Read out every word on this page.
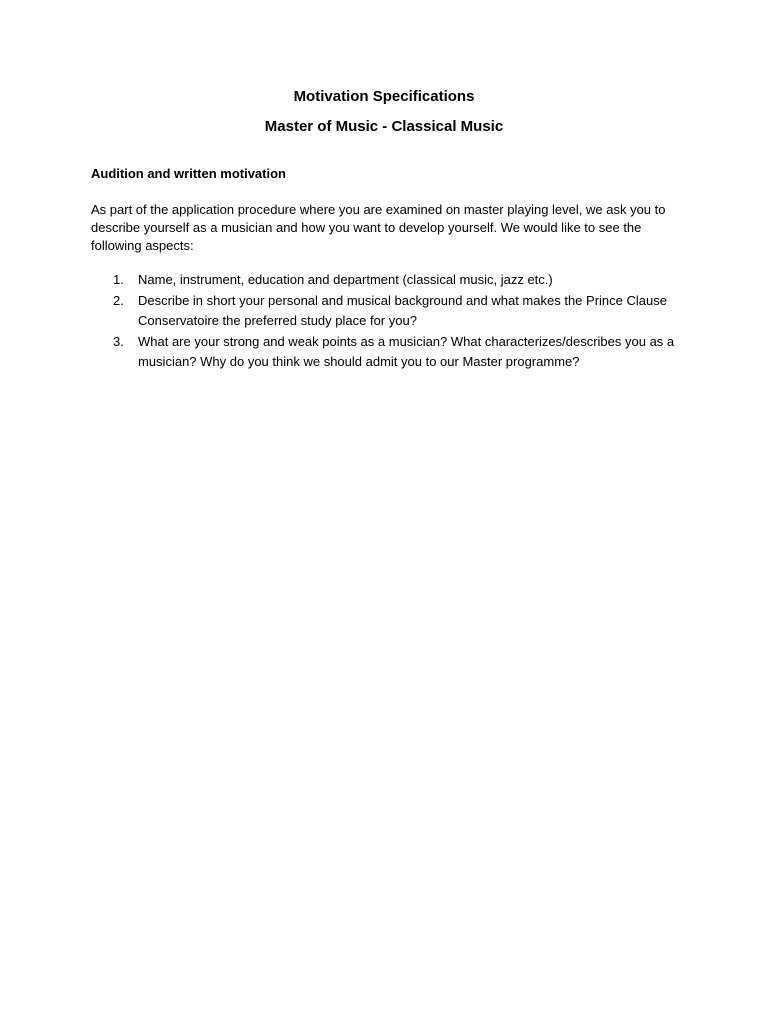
Motivation Specifications
Master of Music - Classical Music
Audition and written motivation

As part of the application procedure where you are examined on master playing level, we ask you to describe yourself as a musician and how you want to develop yourself. We would like to see the following aspects:

1. Name, instrument, education and department (classical music, jazz etc.)
2. Describe in short your personal and musical background and what makes the Prince Clause Conservatoire the preferred study place for you?
3. What are your strong and weak points as a musician? What characterizes/describes you as a musician? Why do you think we should admit you to our Master programme?
